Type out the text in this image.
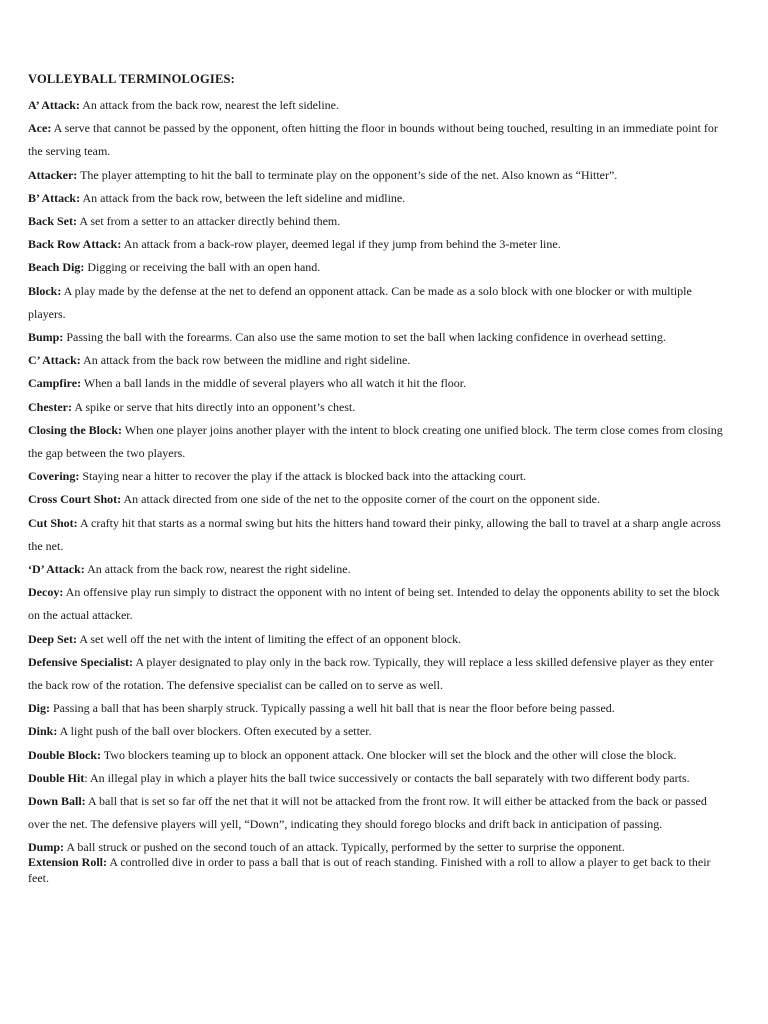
VOLLEYBALL TERMINOLOGIES:

A’ Attack: An attack from the back row, nearest the left sideline.

Ace: A serve that cannot be passed by the opponent, often hitting the floor in bounds without being touched, resulting in an immediate point for the serving team.

Attacker: The player attempting to hit the ball to terminate play on the opponent’s side of the net. Also known as “Hitter”.

B’ Attack: An attack from the back row, between the left sideline and midline.

Back Set: A set from a setter to an attacker directly behind them.

Back Row Attack: An attack from a back-row player, deemed legal if they jump from behind the 3-meter line.

Beach Dig: Digging or receiving the ball with an open hand.

Block: A play made by the defense at the net to defend an opponent attack. Can be made as a solo block with one blocker or with multiple players.

Bump: Passing the ball with the forearms. Can also use the same motion to set the ball when lacking confidence in overhead setting.

C’ Attack: An attack from the back row between the midline and right sideline.

Campfire: When a ball lands in the middle of several players who all watch it hit the floor.

Chester: A spike or serve that hits directly into an opponent’s chest.

Closing the Block: When one player joins another player with the intent to block creating one unified block. The term close comes from closing the gap between the two players.

Covering: Staying near a hitter to recover the play if the attack is blocked back into the attacking court.

Cross Court Shot: An attack directed from one side of the net to the opposite corner of the court on the opponent side.

Cut Shot: A crafty hit that starts as a normal swing but hits the hitters hand toward their pinky, allowing the ball to travel at a sharp angle across the net.

‘D’ Attack: An attack from the back row, nearest the right sideline.

Decoy: An offensive play run simply to distract the opponent with no intent of being set. Intended to delay the opponents ability to set the block on the actual attacker.

Deep Set: A set well off the net with the intent of limiting the effect of an opponent block.

Defensive Specialist: A player designated to play only in the back row. Typically, they will replace a less skilled defensive player as they enter the back row of the rotation. The defensive specialist can be called on to serve as well.

Dig: Passing a ball that has been sharply struck. Typically passing a well hit ball that is near the floor before being passed.

Dink: A light push of the ball over blockers. Often executed by a setter.

Double Block: Two blockers teaming up to block an opponent attack. One blocker will set the block and the other will close the block.

Double Hit: An illegal play in which a player hits the ball twice successively or contacts the ball separately with two different body parts.

Down Ball: A ball that is set so far off the net that it will not be attacked from the front row. It will either be attacked from the back or passed over the net. The defensive players will yell, “Down”, indicating they should forego blocks and drift back in anticipation of passing.

Dump: A ball struck or pushed on the second touch of an attack. Typically, performed by the setter to surprise the opponent.

Extension Roll: A controlled dive in order to pass a ball that is out of reach standing. Finished with a roll to allow a player to get back to their feet.
